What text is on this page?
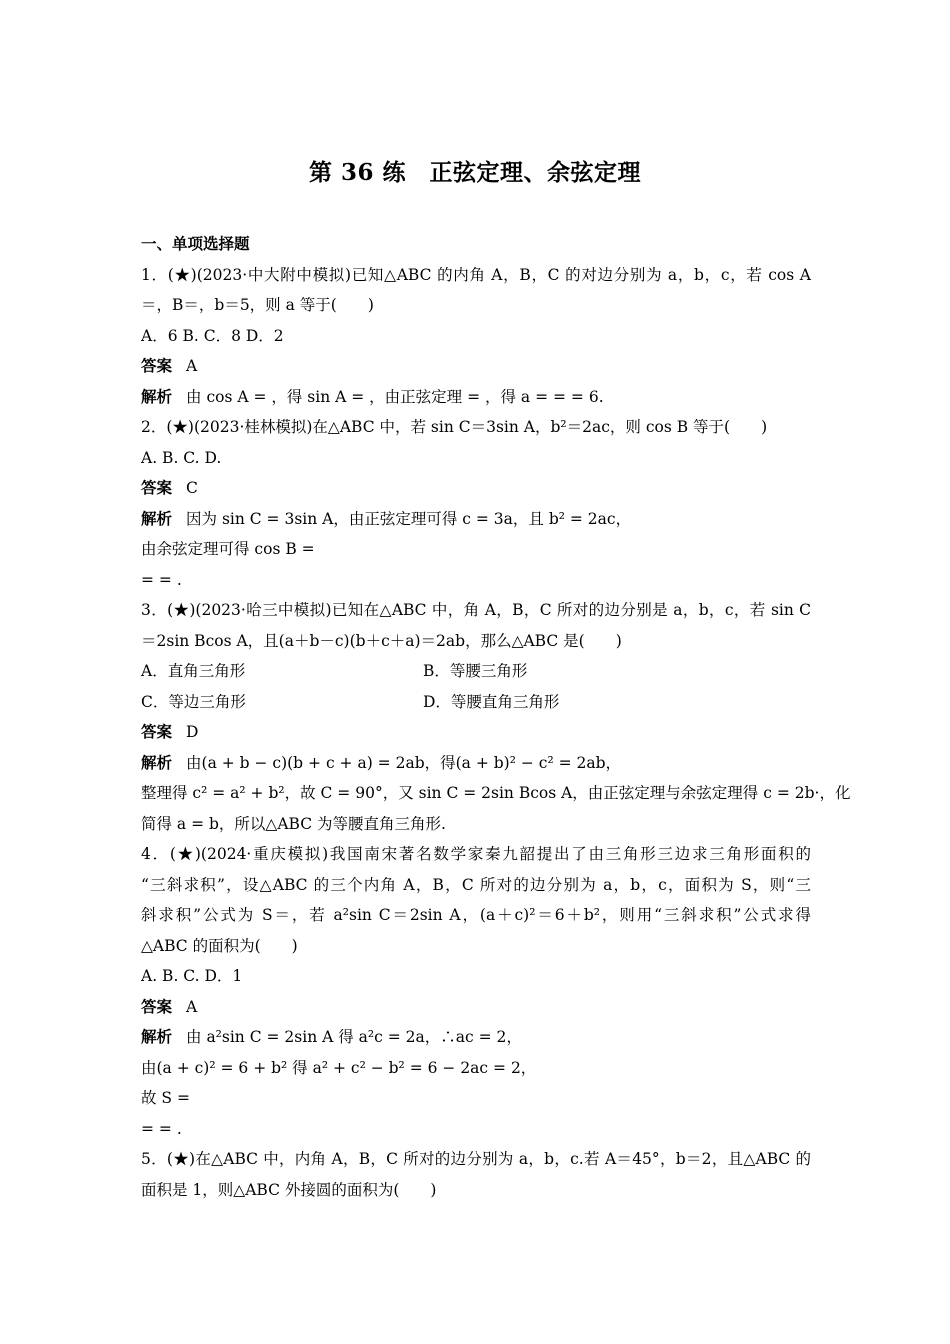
第 36 练　正弦定理、余弦定理
一、单项选择题
1．(★)(2023·中大附中模拟)已知△ABC 的内角 A，B，C 的对边分别为 a，b，c，若 cos A
＝，B＝，b＝5，则 a 等于(　　)
A．6 B. C．8 D．2
答案 A
解析 由 cos A = ，得 sin A = ，由正弦定理 = ，得 a = = = 6.
2．(★)(2023·桂林模拟)在△ABC 中，若 sin C＝3sin A，b²＝2ac，则 cos B 等于(　　)
A. B. C. D.
答案 C
解析 因为 sin C = 3sin A，由正弦定理可得 c = 3a，且 b² = 2ac，
由余弦定理可得 cos B =
= = .
3．(★)(2023·哈三中模拟)已知在△ABC 中，角 A，B，C 所对的边分别是 a，b，c，若 sin C
＝2sin Bcos A，且(a＋b－c)(b＋c＋a)＝2ab，那么△ABC 是(　　)
A．直角三角形	B．等腰三角形
C．等边三角形	D．等腰直角三角形
答案 D
解析 由(a + b − c)(b + c + a) = 2ab，得(a + b)² − c² = 2ab，
整理得 c² = a² + b²，故 C = 90°，又 sin C = 2sin Bcos A，由正弦定理与余弦定理得 c = 2b·，化
简得 a = b，所以△ABC 为等腰直角三角形.
4．(★)(2024·重庆模拟)我国南宋著名数学家秦九韶提出了由三角形三边求三角形面积的
“三斜求积”，设△ABC 的三个内角 A，B，C 所对的边分别为 a，b，c，面积为 S，则“三
斜求积”公式为 S＝，若 a²sin C＝2sin A，(a＋c)²＝6＋b²，则用“三斜求积”公式求得
△ABC 的面积为(　　)
A. B. C. D．1
答案 A
解析 由 a²sin C = 2sin A 得 a²c = 2a，∴ac = 2，
由(a + c)² = 6 + b² 得 a² + c² − b² = 6 − 2ac = 2，
故 S =
= = .
5．(★)在△ABC 中，内角 A，B，C 所对的边分别为 a，b，c.若 A＝45°，b＝2，且△ABC 的
面积是 1，则△ABC 外接圆的面积为(　　)
